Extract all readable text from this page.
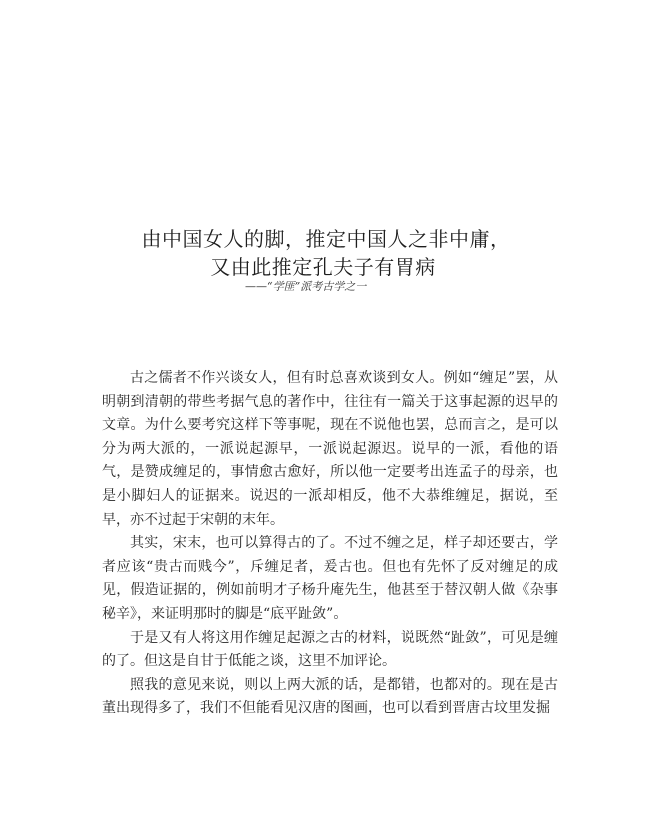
由中国女人的脚，推定中国人之非中庸，
又由此推定孔夫子有胃病
——“学匪”派考古学之一

古之儒者不作兴谈女人，但有时总喜欢谈到女人。例如“缠足”罢，从明朝到清朝的带些考据气息的著作中，往往有一篇关于这事起源的迟早的文章。为什么要考究这样下等事呢，现在不说他也罢，总而言之，是可以分为两大派的，一派说起源早，一派说起源迟。说早的一派，看他的语气，是赞成缠足的，事情愈古愈好，所以他一定要考出连孟子的母亲，也是小脚妇人的证据来。说迟的一派却相反，他不大恭维缠足，据说，至早，亦不过起于宋朝的末年。

其实，宋末，也可以算得古的了。不过不缠之足，样子却还要古，学者应该“贵古而贱今”，斥缠足者，爰古也。但也有先怀了反对缠足的成见，假造证据的，例如前明才子杨升庵先生，他甚至于替汉朝人做《杂事秘辛》，来证明那时的脚是“底平趾敛”。

于是又有人将这用作缠足起源之古的材料，说既然“趾敛”，可见是缠的了。但这是自甘于低能之谈，这里不加评论。

照我的意见来说，则以上两大派的话，是都错，也都对的。现在是古董出现得多了，我们不但能看见汉唐的图画，也可以看到晋唐古坟里发掘
